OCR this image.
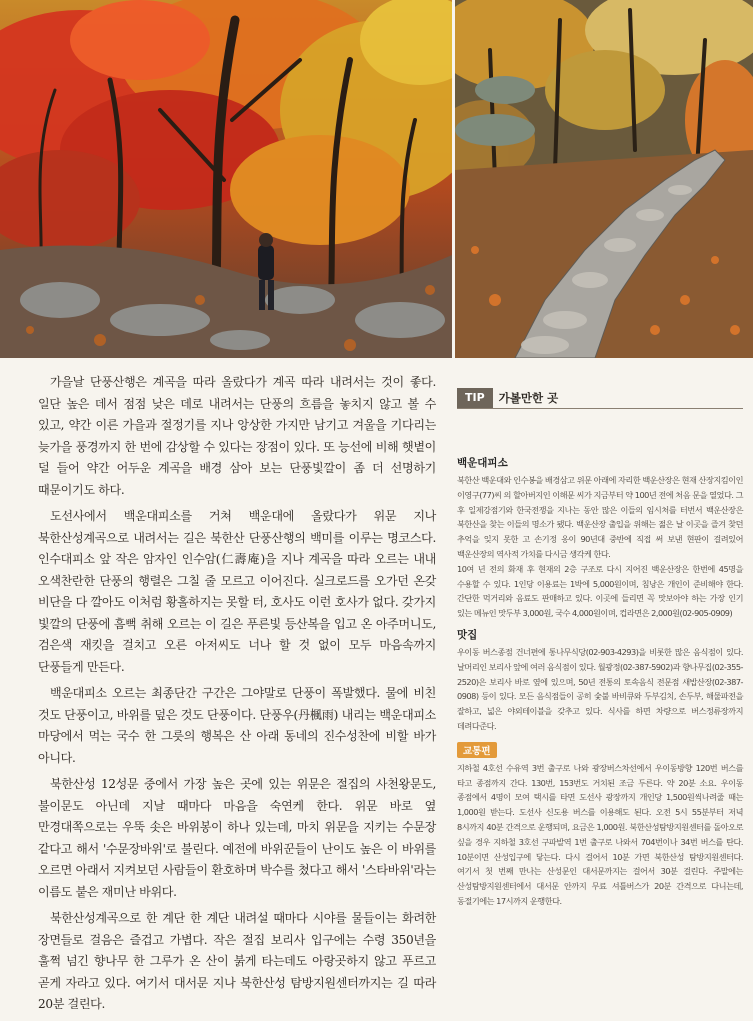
가을날 단풍산행은 계곡을 따라 올랐다가 계곡 따라 내려서는 것이 좋다. 일단 높은 데서 점점 낮은 데로 내려서는 단풍의 흐름을 놓치지 않고 볼 수 있고, 약간 이른 가을과 절정기를 지나 앙상한 가지만 남기고 겨울을 기다리는 늦가을 풍경까지 한 번에 감상할 수 있다는 장점이 있다. 또 능선에 비해 햇볕이 덜 들어 약간 어두운 계곡을 배경 삼아 보는 단풍빛깔이 좀 더 선명하기 때문이기도 하다.

도선사에서 백운대피소를 거쳐 백운대에 올랐다가 위문 지나 북한산성계곡으로 내려서는 길은 북한산 단풍산행의 백미를 이루는 명코스다. 인수대피소 앞 작은 암자인 인수암(仁壽庵)을 지나 계곡을 따라 오르는 내내 오색찬란한 단풍의 행렬은 그칠 줄 모르고 이어진다. 실크로드를 오가던 온갖 비단을 다 깔아도 이처럼 황홀하지는 못할 터, 호사도 이런 호사가 없다. 갖가지 빛깔의 단풍에 흠뻑 취해 오르는 이 길은 푸른빛 등산복을 입고 온 아주머니도, 검은색 재킷을 걸치고 오른 아저씨도 너나 할 것 없이 모두 마음속까지 단풍들게 만든다.

백운대피소 오르는 최종단간 구간은 그야말로 단풍이 폭발했다. 물에 비친 것도 단풍이고, 바위를 덮은 것도 단풍이다. 단풍우(丹楓雨) 내리는 백운대피소 마당에서 먹는 국수 한 그릇의 행복은 산 아래 동네의 진수성찬에 비할 바가 아니다.

북한산성 12성문 중에서 가장 높은 곳에 있는 위문은 절집의 사천왕문도, 불이문도 아닌데 지날 때마다 마음을 숙연케 한다. 위문 바로 옆 만경대쪽으로는 우뚝 솟은 바위봉이 하나 있는데, 마치 위문을 지키는 수문장 같다고 해서 '수문장바위'로 불린다. 예전에 바위꾼들이 난이도 높은 이 바위를 오르면 아래서 지켜보던 사람들이 환호하며 박수를 쳤다고 해서 '스타바위'라는 이름도 붙은 재미난 바위다.

북한산성계곡으로 한 계단 한 계단 내려설 때마다 시야를 물들이는 화려한 장면들로 걸음은 즐겁고 가볍다. 작은 절집 보리사 입구에는 수령 350년을 훌쩍 넘긴 향나무 한 그루가 온 산이 붉게 타는데도 아랑곳하지 않고 푸르고 곧게 자라고 있다. 여기서 대서문 지나 북한산성 탐방지원센터까지는 길 따라 20분 걸린다.

TIP	가볼만한 곳
백운대피소

북한산 백운대와 인수봉을 배경삼고 위문 아래에 자리한 백운산장은 현재 산장지킴이인 이영구(77)씨 의 할아버지인 이해문 씨가 지금부터 약 100년 전에 처음 문을 열었다. 그 후 일제강점기와 한국전쟁을 지나는 동안 많은 이들의 임시처를 터번서 백운산장은 북한산을 찾는 이들의 명소가 됐다. 백운산장 출입을 위해는 젊은 날 이곳을 즐겨 찾던 추억을 잊지 못한 고 손기정 옹이 90년대 중반에 직접 써 보낸 현판이 걸려있어 백운산장의 역사적 가치를 다시금 생각케 한다.

10여 년 전의 화재 후 현재의 2층 구조로 다시 지어진 백운산장은 한번에 45명을 수용할 수 있다. 1인당 이용료는 1박에 5,000원이며, 침낭은 개인이 준비해야 한다. 간단한 먹거리와 음료도 판매하고 있다. 이곳에 들리면 꼭 맛보아야 하는 가장 인기 있는 메뉴인 맛두부 3,000원, 국수 4,000원이며, 컵라면은 2,000원(02-905-0909)

맛집

우이동 버스종점 건너편에 통나무식당(02-903-4293)을 비롯한 많은 음식점이 있다. 날머리인 보리사 앞에 여러 음식점이 있다. 월광정(02-387-5902)과 향나무집(02-355-2520)은 보리사 바로 옆에 있으며, 50년 전통의 토속음식 전문점 새밥산장(02-387-0908) 등이 있다. 모든 음식점들이 공히 숯불 바비큐와 두부김치, 손두부, 해물파전을 잘하고, 넓은 야외테이블을 갖추고 있다. 식사를 하면 차량으로 버스정류장까지 데려다준다.

교통편

지하철 4호선 수유역 3번 출구로 나와 광장버스차선에서 우이동방향 120번 버스를 타고 종점까지 간다. 130번, 153번도 거치된 조금 두른다. 약 20분 소요. 우이동 종점에서 4명이 모여 택시를 타면 도선사 광장까지 개인당 1,500원씩나려줄 때는 1,000원 받는다. 도선사 신도용 버스를 이용해도 된다. 오전 5시 55분부터 저녁 8시까지 40분 간격으로 운행되며, 요금은 1,000원. 북한산성탐방지원센터를 돌아오로 싶을 경우 지하철 3호선 구파발역 1번 출구로 나와서 704번이나 34번 버스를 탄다. 10분이면 산성입구에 닿는다. 다시 걸어서 10분 가면 북한산성 탐방지원센터다. 여기서 첫 번째 만나는 산성문인 대서문까지는 걸어서 30분 걸린다. 주말에는 산성탐방지원센터에서 대서문 안까지 무료 셔틀버스가 20분 간격으로 다니는데, 동절기에는 17시까지 운행한다.
